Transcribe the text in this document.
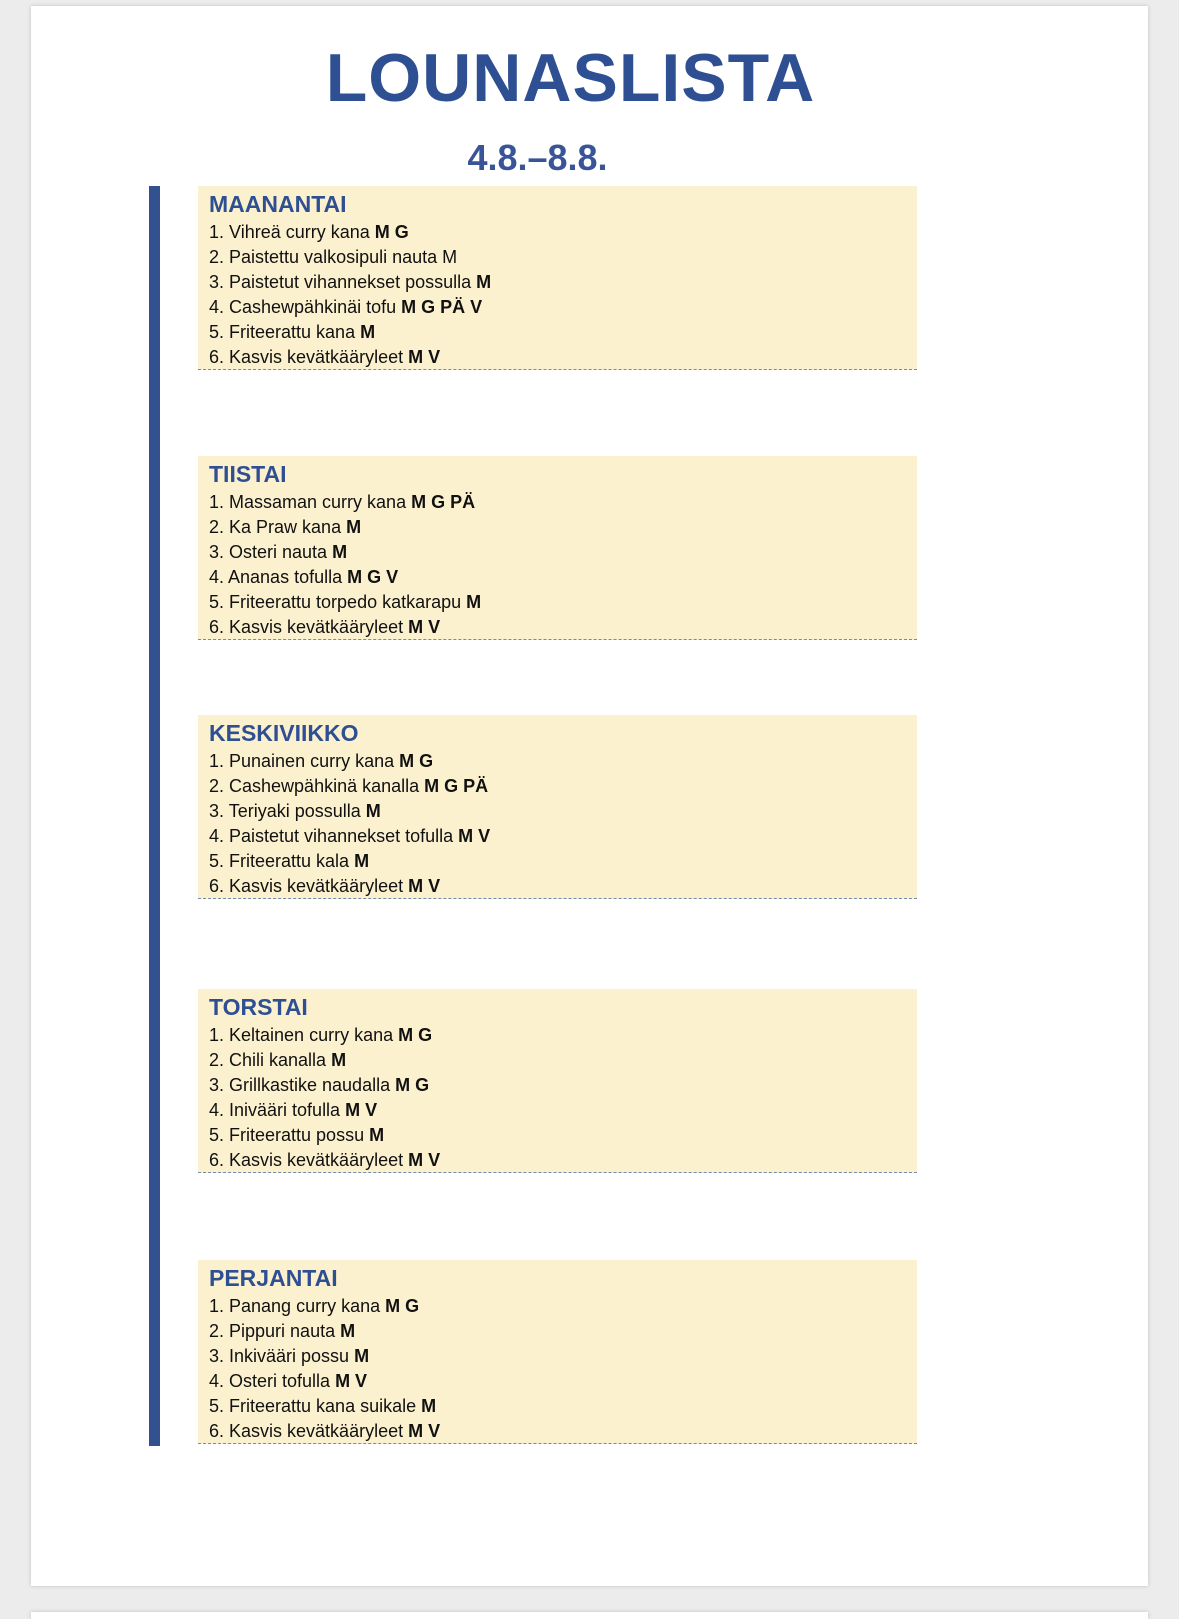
LOUNASLISTA
4.8.–8.8.
MAANANTAI
1. Vihreä curry kana M G
2. Paistettu valkosipuli nauta M
3. Paistetut vihannekset possulla M
4. Cashewpähkinäi tofu M G PÄ V
5. Friteerattu kana M
6. Kasvis kevätkääryleet M V
TIISTAI
1. Massaman curry kana M G PÄ
2. Ka Praw kana M
3. Osteri nauta M
4. Ananas tofulla M G V
5. Friteerattu torpedo katkarapu M
6. Kasvis kevätkääryleet M V
KESKIVIIKKO
1. Punainen curry kana M G
2. Cashewpähkinä kanalla M G PÄ
3. Teriyaki possulla M
4. Paistetut vihannekset tofulla M V
5. Friteerattu kala M
6. Kasvis kevätkääryleet M V
TORSTAI
1. Keltainen curry kana M G
2. Chili kanalla M
3. Grillkastike naudalla M G
4. Inivääri tofulla M V
5. Friteerattu possu M
6. Kasvis kevätkääryleet M V
PERJANTAI
1. Panang curry kana M G
2. Pippuri nauta M
3. Inkivääri possu M
4. Osteri tofulla M V
5. Friteerattu kana suikale M
6. Kasvis kevätkääryleet M V
